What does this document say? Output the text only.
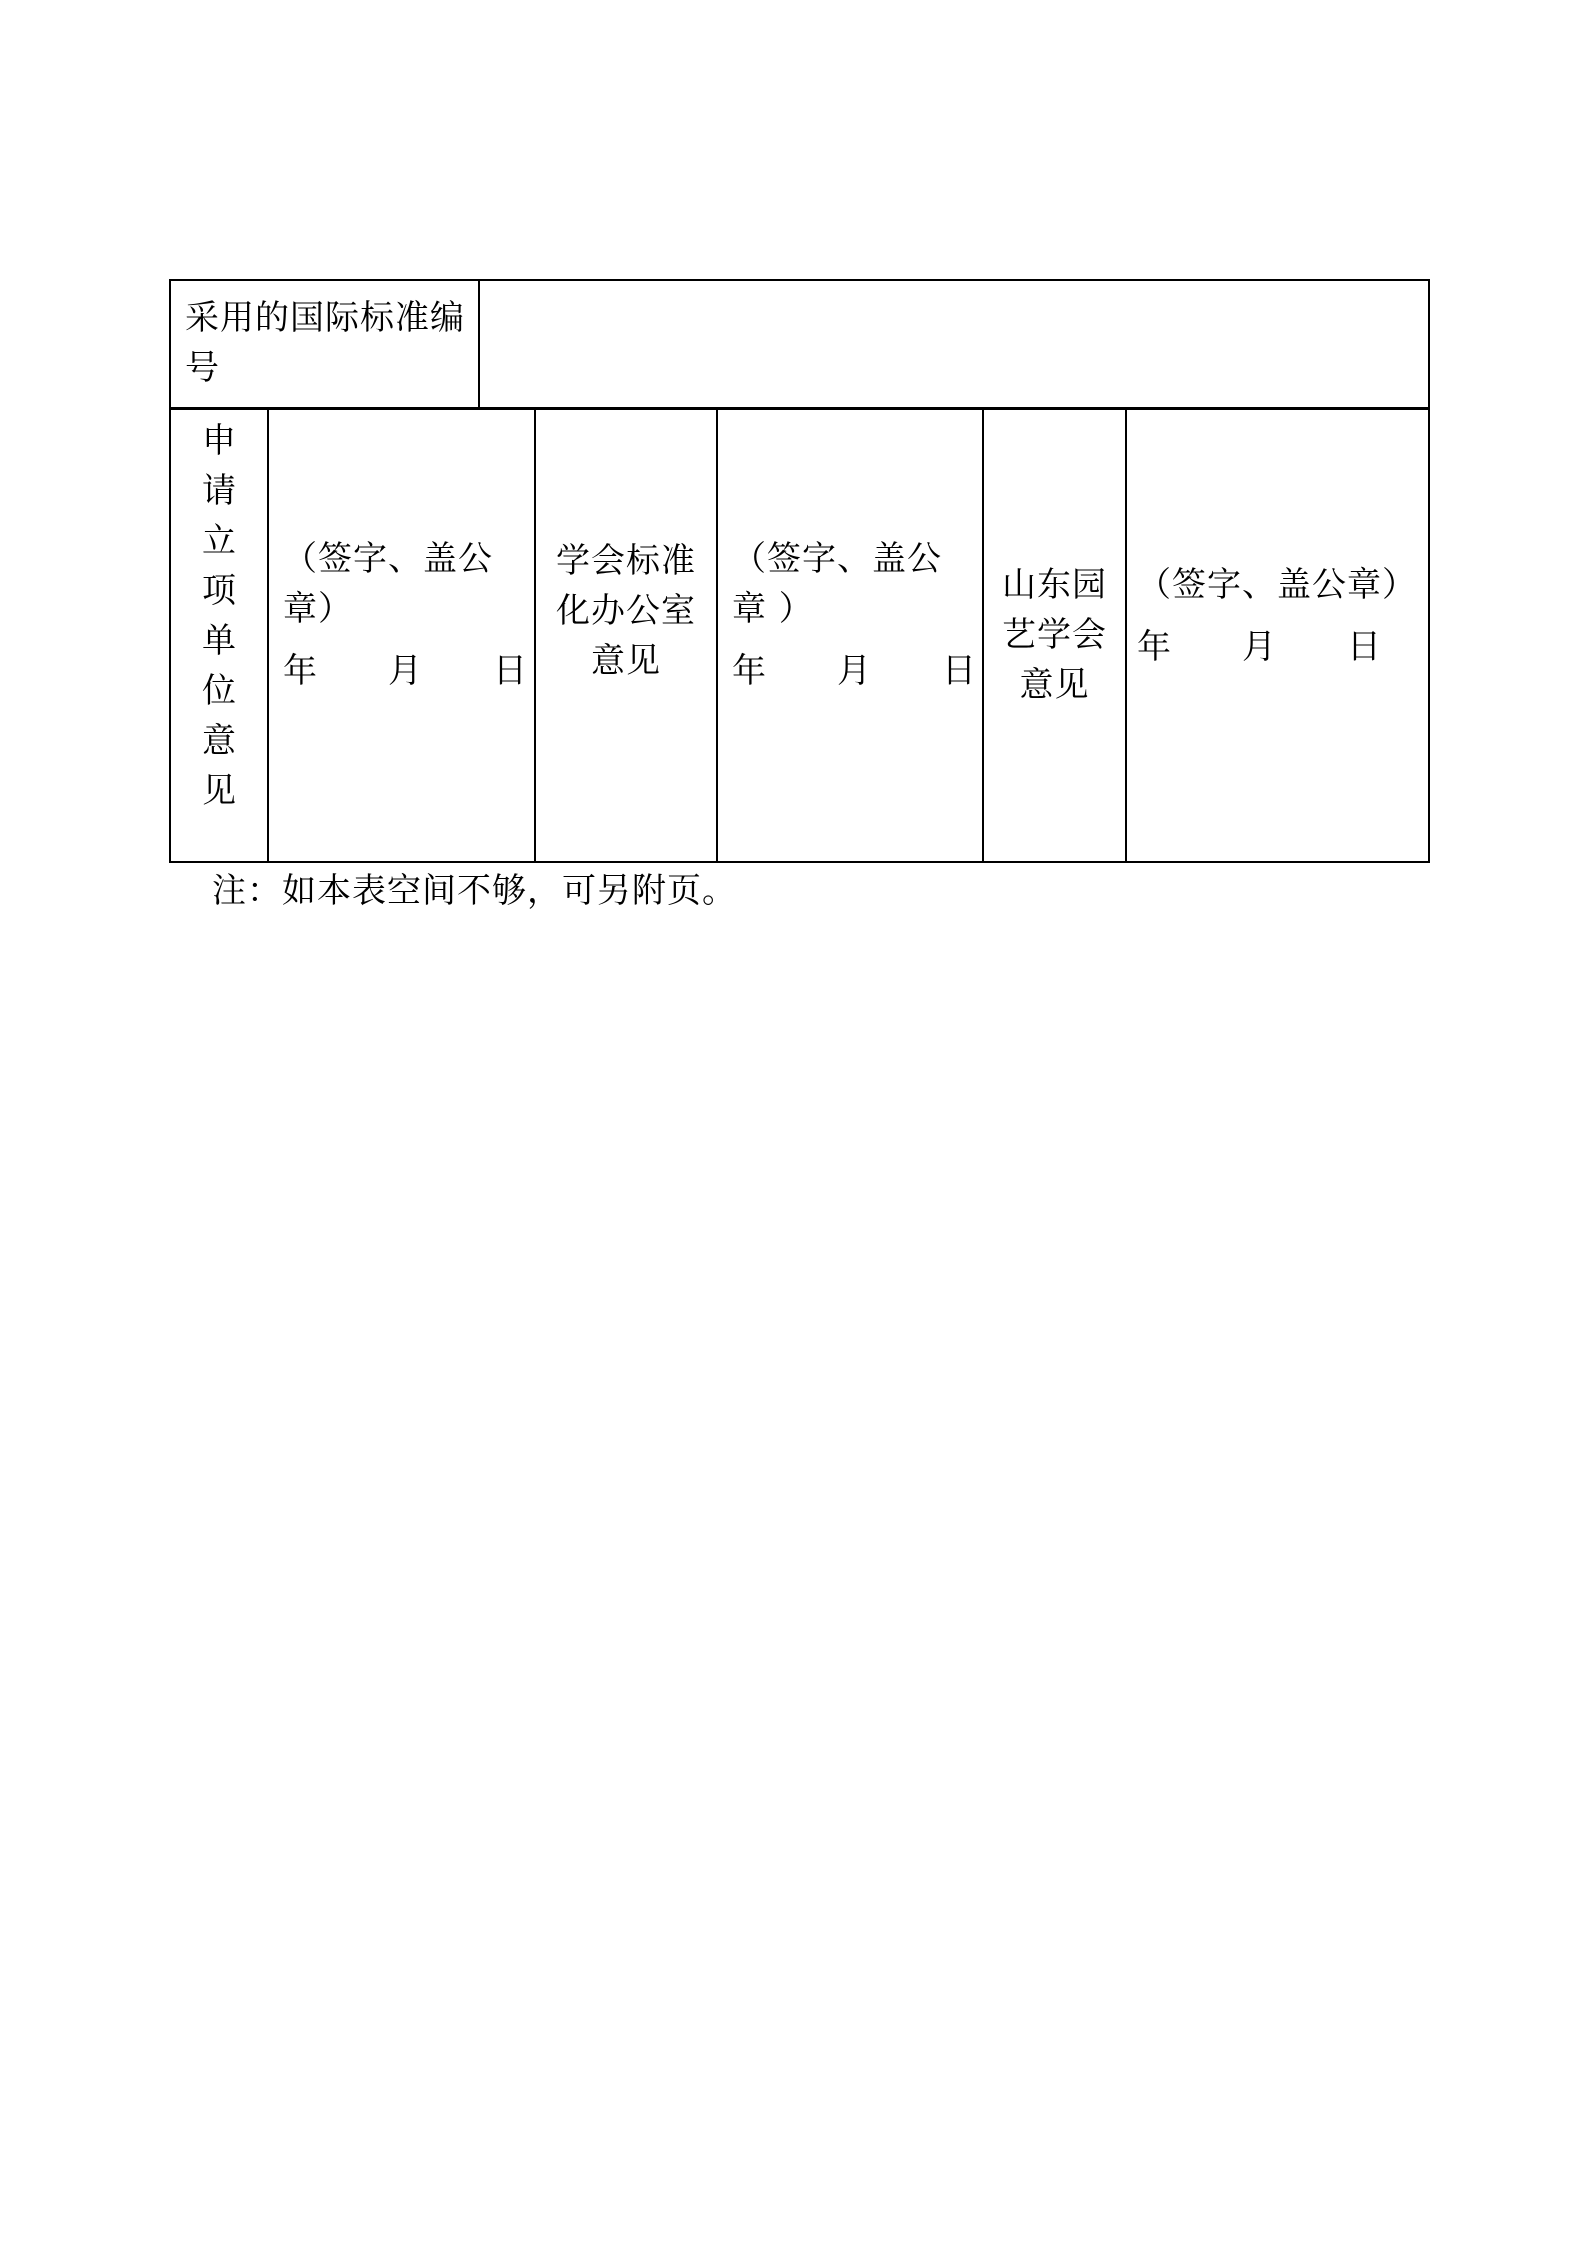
采用的国际标准编号
申
请
立
项
单
位
意
见
（签字、盖公章）
年　　月　　日
学会标准化办公室意见
（签字、盖公章 ）
年　　月　　日
山东园艺学会意见
（签字、盖公章）
年　　月　　日
注：如本表空间不够，可另附页。
